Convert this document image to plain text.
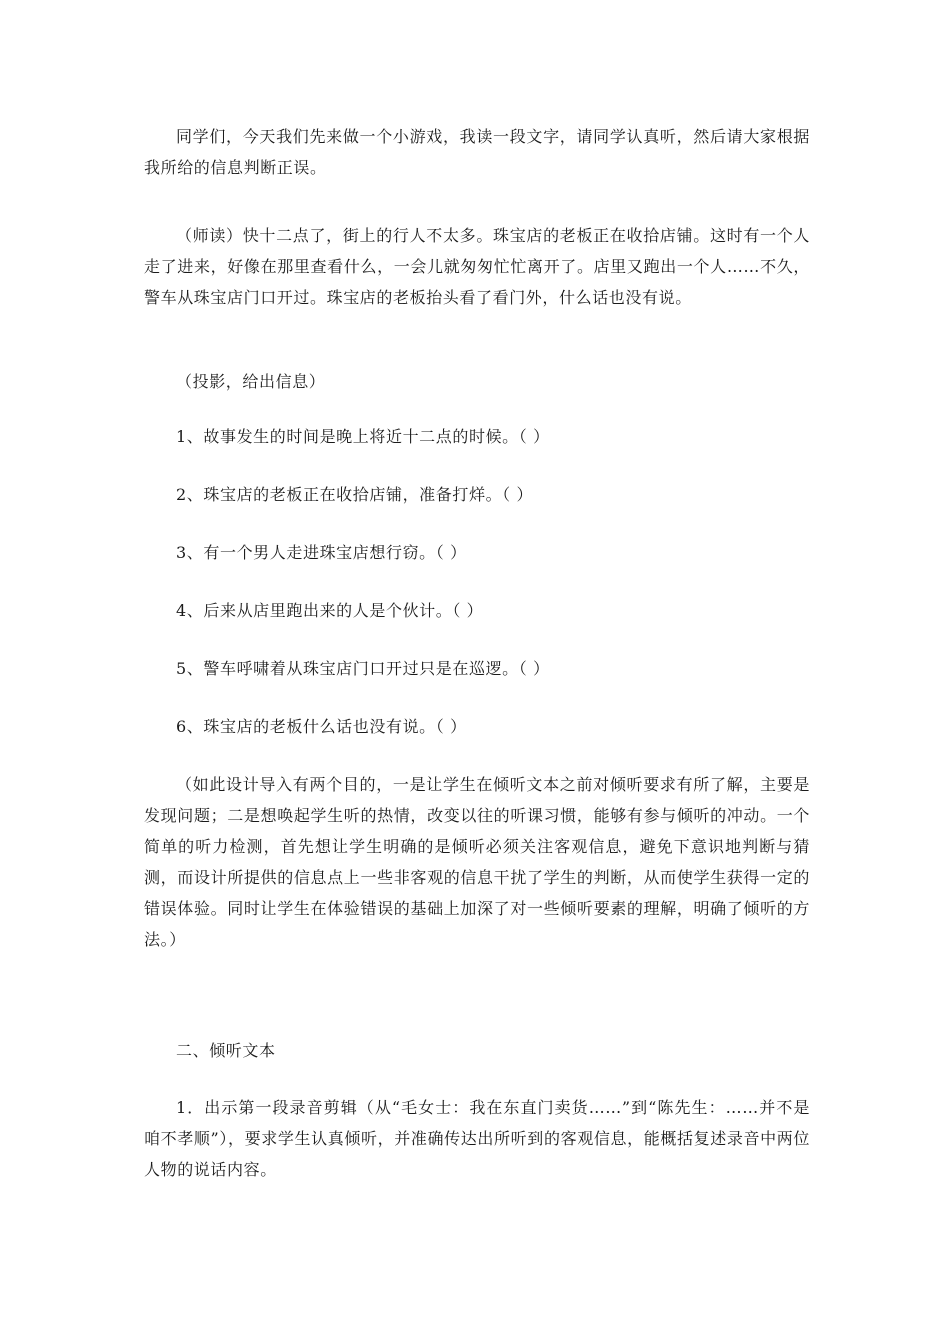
同学们，今天我们先来做一个小游戏，我读一段文字，请同学认真听，然后请大家根据我所给的信息判断正误。

（师读）快十二点了，街上的行人不太多。珠宝店的老板正在收拾店铺。这时有一个人走了进来，好像在那里查看什么，一会儿就匆匆忙忙离开了。店里又跑出一个人……不久，警车从珠宝店门口开过。珠宝店的老板抬头看了看门外，什么话也没有说。

（投影，给出信息）

1、故事发生的时间是晚上将近十二点的时候。（ ）

2、珠宝店的老板正在收拾店铺，准备打烊。（ ）

3、有一个男人走进珠宝店想行窃。（ ）

4、后来从店里跑出来的人是个伙计。（ ）

5、警车呼啸着从珠宝店门口开过只是在巡逻。（ ）

6、珠宝店的老板什么话也没有说。（ ）

（如此设计导入有两个目的，一是让学生在倾听文本之前对倾听要求有所了解，主要是发现问题；二是想唤起学生听的热情，改变以往的听课习惯，能够有参与倾听的冲动。一个简单的听力检测，首先想让学生明确的是倾听必须关注客观信息，避免下意识地判断与猜测，而设计所提供的信息点上一些非客观的信息干扰了学生的判断，从而使学生获得一定的错误体验。同时让学生在体验错误的基础上加深了对一些倾听要素的理解，明确了倾听的方法。）

二、倾听文本

1．出示第一段录音剪辑（从“毛女士：我在东直门卖货……”到“陈先生：……并不是咱不孝顺”），要求学生认真倾听，并准确传达出所听到的客观信息，能概括复述录音中两位人物的说话内容。
